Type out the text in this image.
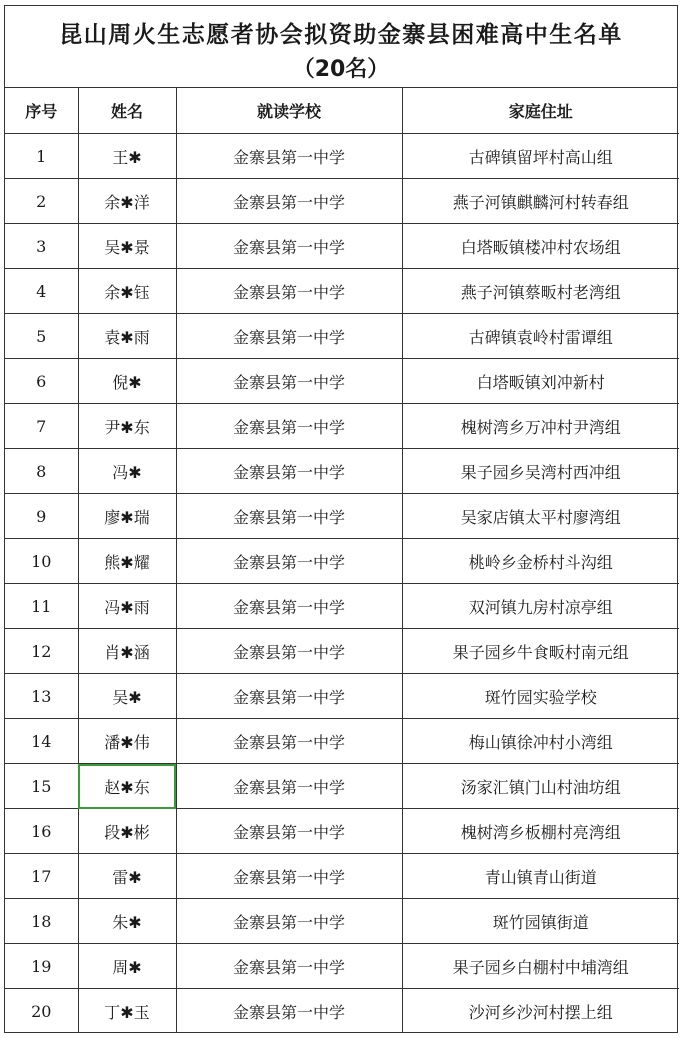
昆山周火生志愿者协会拟资助金寨县困难高中生名单
（20名）
序号	姓名	就读学校	家庭住址
1	王✱	金寨县第一中学	古碑镇留坪村高山组
2	余✱洋	金寨县第一中学	燕子河镇麒麟河村转春组
3	吴✱景	金寨县第一中学	白塔畈镇楼冲村农场组
4	余✱钰	金寨县第一中学	燕子河镇蔡畈村老湾组
5	袁✱雨	金寨县第一中学	古碑镇袁岭村雷谭组
6	倪✱	金寨县第一中学	白塔畈镇刘冲新村
7	尹✱东	金寨县第一中学	槐树湾乡万冲村尹湾组
8	冯✱	金寨县第一中学	果子园乡吴湾村西冲组
9	廖✱瑞	金寨县第一中学	吴家店镇太平村廖湾组
10	熊✱耀	金寨县第一中学	桃岭乡金桥村斗沟组
11	冯✱雨	金寨县第一中学	双河镇九房村凉亭组
12	肖✱涵	金寨县第一中学	果子园乡牛食畈村南元组
13	吴✱	金寨县第一中学	斑竹园实验学校
14	潘✱伟	金寨县第一中学	梅山镇徐冲村小湾组
15	赵✱东	金寨县第一中学	汤家汇镇门山村油坊组
16	段✱彬	金寨县第一中学	槐树湾乡板棚村亮湾组
17	雷✱	金寨县第一中学	青山镇青山街道
18	朱✱	金寨县第一中学	斑竹园镇街道
19	周✱	金寨县第一中学	果子园乡白棚村中埔湾组
20	丁✱玉	金寨县第一中学	沙河乡沙河村摆上组
